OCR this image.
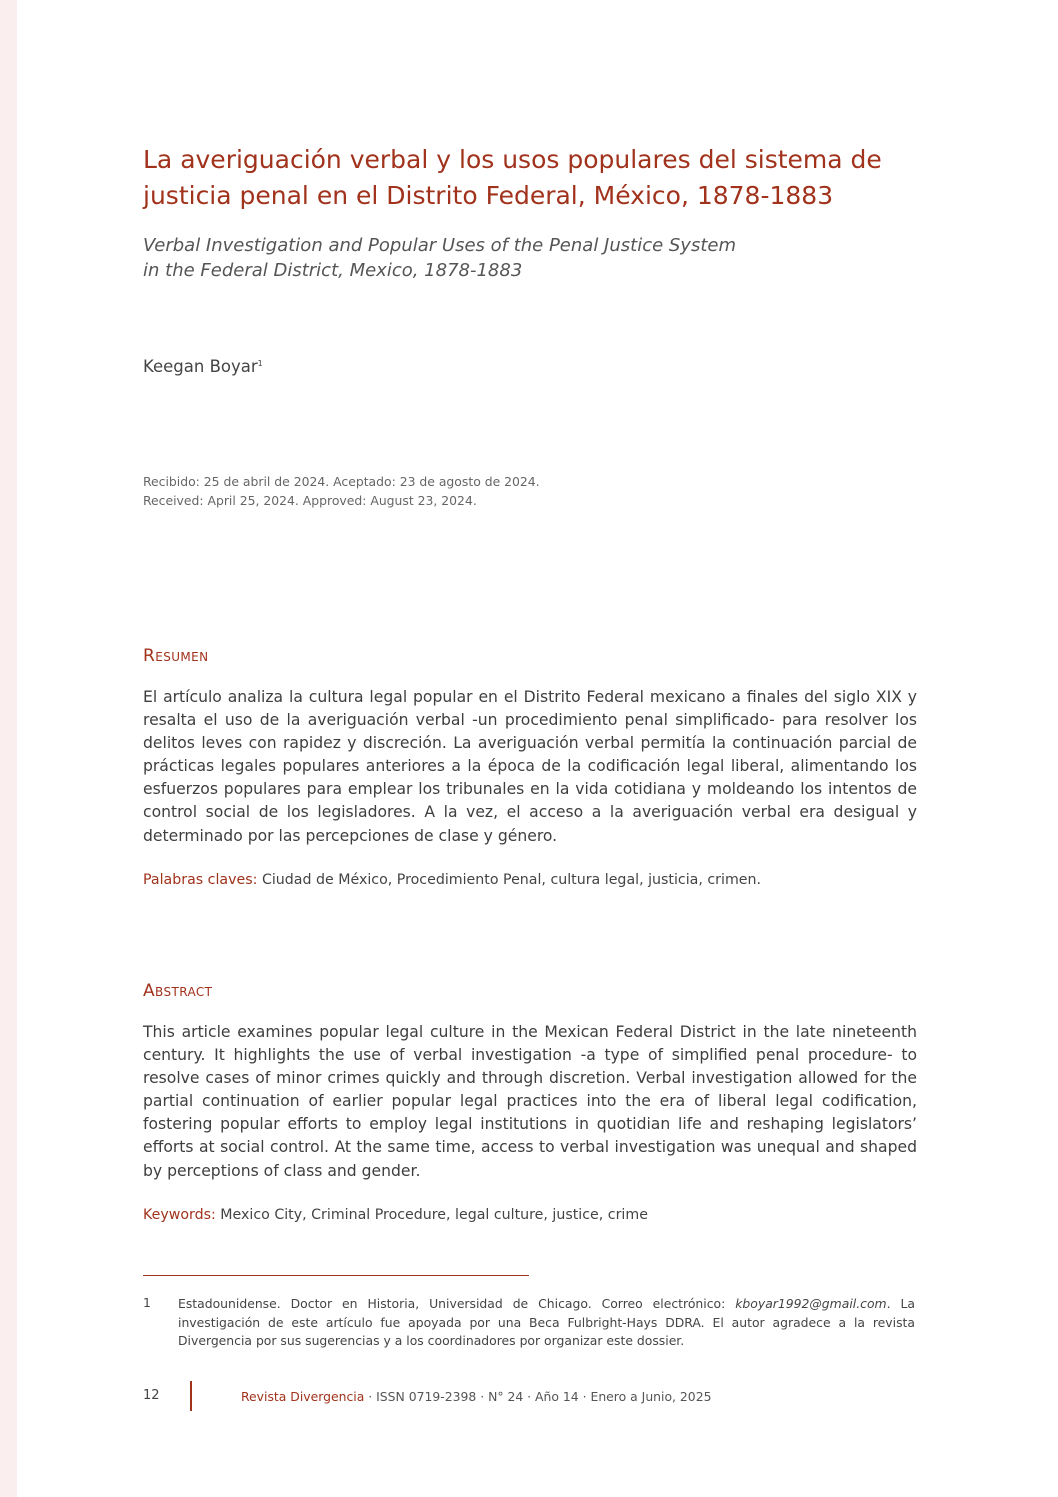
La averiguación verbal y los usos populares del sistema de justicia penal en el Distrito Federal, México, 1878-1883
Verbal Investigation and Popular Uses of the Penal Justice System
in the Federal District, Mexico, 1878-1883
Keegan Boyar$^1$
Recibido: 25 de abril de 2024. Aceptado: 23 de agosto de 2024.
Received: April 25, 2024. Approved: August 23, 2024.
Resumen
El artículo analiza la cultura legal popular en el Distrito Federal mexicano a finales del siglo XIX y resalta el uso de la averiguación verbal -un procedimiento penal simplificado- para resolver los delitos leves con rapidez y discreción. La averiguación verbal permitía la continuación parcial de prácticas legales populares anteriores a la época de la codificación legal liberal, alimentando los esfuerzos populares para emplear los tribunales en la vida cotidiana y moldeando los intentos de control social de los legisladores. A la vez, el acceso a la averiguación verbal era desigual y determinado por las percepciones de clase y género.
Palabras claves: Ciudad de México, Procedimiento Penal, cultura legal, justicia, crimen.
Abstract
This article examines popular legal culture in the Mexican Federal District in the late nineteenth century. It highlights the use of verbal investigation -a type of simplified penal procedure- to resolve cases of minor crimes quickly and through discretion. Verbal investigation allowed for the partial continuation of earlier popular legal practices into the era of liberal legal codification, fostering popular efforts to employ legal institutions in quotidian life and reshaping legislators’ efforts at social control. At the same time, access to verbal investigation was unequal and shaped by perceptions of class and gender.
Keywords: Mexico City, Criminal Procedure, legal culture, justice, crime
1 Estadounidense. Doctor en Historia, Universidad de Chicago. Correo electrónico: kboyar1992@gmail.com. La investigación de este artículo fue apoyada por una Beca Fulbright-Hays DDRA. El autor agradece a la revista Divergencia por sus sugerencias y a los coordinadores por organizar este dossier.
12	Revista Divergencia · ISSN 0719-2398 · N° 24 · Año 14 · Enero a Junio, 2025
